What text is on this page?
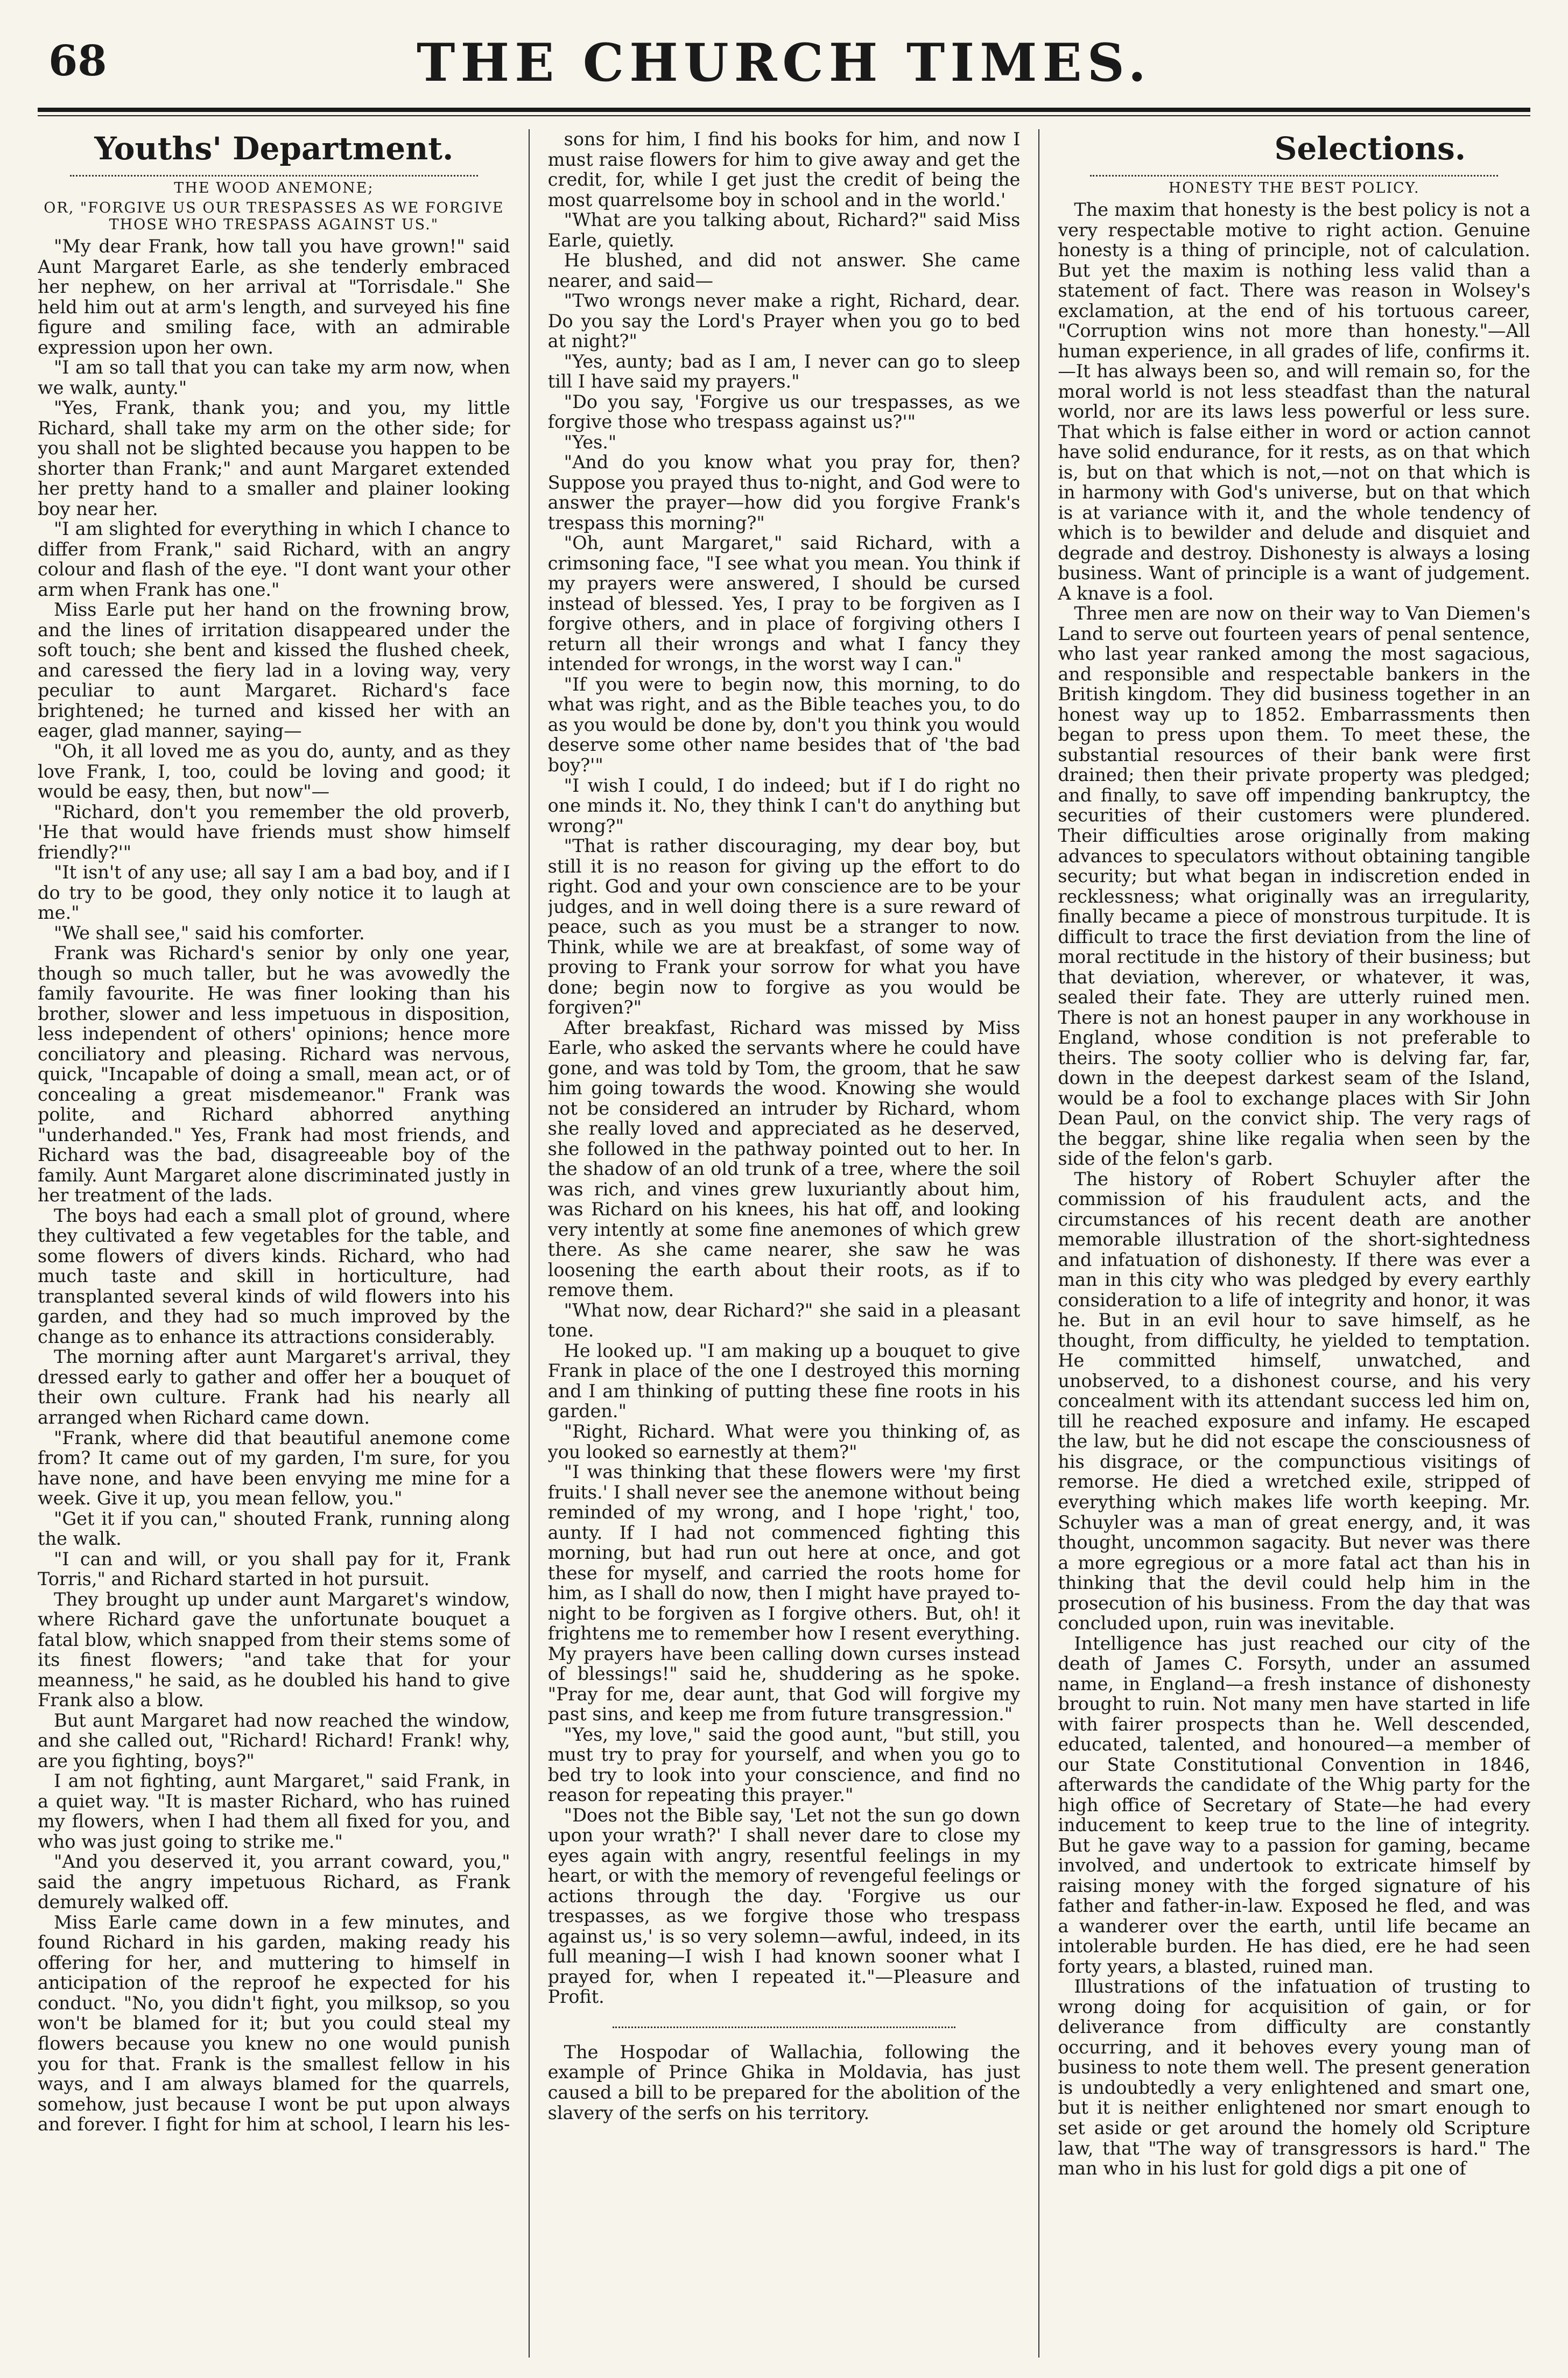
68	THE CHURCH TIMES.
Youths' Department.
THE WOOD ANEMONE;
OR, "FORGIVE US OUR TRESPASSES AS WE FORGIVE THOSE WHO TRESPASS AGAINST US."

"My dear Frank, how tall you have grown!" said Aunt Margaret Earle, as she tenderly embraced her nephew, on her arrival at "Torrisdale." She held him out at arm's length, and surveyed his fine figure and smiling face, with an admirable expression upon her own.

"I am so tall that you can take my arm now, when we walk, aunty."

"Yes, Frank, thank you; and you, my little Richard, shall take my arm on the other side; for you shall not be slighted because you happen to be shorter than Frank;" and aunt Margaret extended her pretty hand to a smaller and plainer looking boy near her.

"I am slighted for everything in which I chance to differ from Frank," said Richard, with an angry colour and flash of the eye. "I dont want your other arm when Frank has one."

Miss Earle put her hand on the frowning brow, and the lines of irritation disappeared under the soft touch; she bent and kissed the flushed cheek, and caressed the fiery lad in a loving way, very peculiar to aunt Margaret. Richard's face brightened; he turned and kissed her with an eager, glad manner, saying—

"Oh, it all loved me as you do, aunty, and as they love Frank, I, too, could be loving and good; it would be easy, then, but now"—

"Richard, don't you remember the old proverb, 'He that would have friends must show himself friendly?'"

"It isn't of any use; all say I am a bad boy, and if I do try to be good, they only notice it to laugh at me."

"We shall see," said his comforter.

Frank was Richard's senior by only one year, though so much taller, but he was avowedly the family favourite. He was finer looking than his brother, slower and less impetuous in disposition, less independent of others' opinions; hence more conciliatory and pleasing. Richard was nervous, quick, "Incapable of doing a small, mean act, or of concealing a great misdemeanor." Frank was polite, and Richard abhorred anything "underhanded." Yes, Frank had most friends, and Richard was the bad, disagreeable boy of the family. Aunt Margaret alone discriminated justly in her treatment of the lads.

The boys had each a small plot of ground, where they cultivated a few vegetables for the table, and some flowers of divers kinds. Richard, who had much taste and skill in horticulture, had transplanted several kinds of wild flowers into his garden, and they had so much improved by the change as to enhance its attractions considerably.

The morning after aunt Margaret's arrival, they dressed early to gather and offer her a bouquet of their own culture. Frank had his nearly all arranged when Richard came down.

"Frank, where did that beautiful anemone come from? It came out of my garden, I'm sure, for you have none, and have been envying me mine for a week. Give it up, you mean fellow, you."

"Get it if you can," shouted Frank, running along the walk.

"I can and will, or you shall pay for it, Frank Torris," and Richard started in hot pursuit.

They brought up under aunt Margaret's window, where Richard gave the unfortunate bouquet a fatal blow, which snapped from their stems some of its finest flowers; "and take that for your meanness," he said, as he doubled his hand to give Frank also a blow.

But aunt Margaret had now reached the window, and she called out, "Richard! Richard! Frank! why, are you fighting, boys?"

I am not fighting, aunt Margaret," said Frank, in a quiet way. "It is master Richard, who has ruined my flowers, when I had them all fixed for you, and who was just going to strike me."

"And you deserved it, you arrant coward, you," said the angry impetuous Richard, as Frank demurely walked off.

Miss Earle came down in a few minutes, and found Richard in his garden, making ready his offering for her, and muttering to himself in anticipation of the reproof he expected for his conduct. "No, you didn't fight, you milksop, so you won't be blamed for it; but you could steal my flowers because you knew no one would punish you for that. Frank is the smallest fellow in his ways, and I am always blamed for the quarrels, somehow, just because I wont be put upon always and forever. I fight for him at school, I learn his les-

sons for him, I find his books for him, and now I must raise flowers for him to give away and get the credit, for, while I get just the credit of being the most quarrelsome boy in school and in the world.'

"What are you talking about, Richard?" said Miss Earle, quietly.

He blushed, and did not answer. She came nearer, and said—

"Two wrongs never make a right, Richard, dear. Do you say the Lord's Prayer when you go to bed at night?"

"Yes, aunty; bad as I am, I never can go to sleep till I have said my prayers."

"Do you say, 'Forgive us our trespasses, as we forgive those who trespass against us?'"

"Yes."

"And do you know what you pray for, then? Suppose you prayed thus to-night, and God were to answer the prayer—how did you forgive Frank's trespass this morning?"

"Oh, aunt Margaret," said Richard, with a crimsoning face, "I see what you mean. You think if my prayers were answered, I should be cursed instead of blessed. Yes, I pray to be forgiven as I forgive others, and in place of forgiving others I return all their wrongs and what I fancy they intended for wrongs, in the worst way I can."

"If you were to begin now, this morning, to do what was right, and as the Bible teaches you, to do as you would be done by, don't you think you would deserve some other name besides that of 'the bad boy?'"

"I wish I could, I do indeed; but if I do right no one minds it. No, they think I can't do anything but wrong?"

"That is rather discouraging, my dear boy, but still it is no reason for giving up the effort to do right. God and your own conscience are to be your judges, and in well doing there is a sure reward of peace, such as you must be a stranger to now. Think, while we are at breakfast, of some way of proving to Frank your sorrow for what you have done; begin now to forgive as you would be forgiven?"

After breakfast, Richard was missed by Miss Earle, who asked the servants where he could have gone, and was told by Tom, the groom, that he saw him going towards the wood. Knowing she would not be considered an intruder by Richard, whom she really loved and appreciated as he deserved, she followed in the pathway pointed out to her. In the shadow of an old trunk of a tree, where the soil was rich, and vines grew luxuriantly about him, was Richard on his knees, his hat off, and looking very intently at some fine anemones of which grew there. As she came nearer, she saw he was loosening the earth about their roots, as if to remove them.

"What now, dear Richard?" she said in a pleasant tone.

He looked up. "I am making up a bouquet to give Frank in place of the one I destroyed this morning and I am thinking of putting these fine roots in his garden."

"Right, Richard. What were you thinking of, as you looked so earnestly at them?"

"I was thinking that these flowers were 'my first fruits.' I shall never see the anemone without being reminded of my wrong, and I hope 'right,' too, aunty. If I had not commenced fighting this morning, but had run out here at once, and got these for myself, and carried the roots home for him, as I shall do now, then I might have prayed to-night to be forgiven as I forgive others. But, oh! it frightens me to remember how I resent everything. My prayers have been calling down curses instead of blessings!" said he, shuddering as he spoke. "Pray for me, dear aunt, that God will forgive my past sins, and keep me from future transgression."

"Yes, my love," said the good aunt, "but still, you must try to pray for yourself, and when you go to bed try to look into your conscience, and find no reason for repeating this prayer."

"Does not the Bible say, 'Let not the sun go down upon your wrath?' I shall never dare to close my eyes again with angry, resentful feelings in my heart, or with the memory of revengeful feelings or actions through the day. 'Forgive us our trespasses, as we forgive those who trespass against us,' is so very solemn—awful, indeed, in its full meaning—I wish I had known sooner what I prayed for, when I repeated it."—Pleasure and Profit.

The Hospodar of Wallachia, following the example of Prince Ghika in Moldavia, has just caused a bill to be prepared for the abolition of the slavery of the serfs on his territory.

Selections.
HONESTY THE BEST POLICY.

The maxim that honesty is the best policy is not a very respectable motive to right action. Genuine honesty is a thing of principle, not of calculation. But yet the maxim is nothing less valid than a statement of fact. There was reason in Wolsey's exclamation, at the end of his tortuous career, "Corruption wins not more than honesty."—All human experience, in all grades of life, confirms it.—It has always been so, and will remain so, for the moral world is not less steadfast than the natural world, nor are its laws less powerful or less sure. That which is false either in word or action cannot have solid endurance, for it rests, as on that which is, but on that which is not,—not on that which is in harmony with God's universe, but on that which is at variance with it, and the whole tendency of which is to bewilder and delude and disquiet and degrade and destroy. Dishonesty is always a losing business. Want of principle is a want of judgement. A knave is a fool.

Three men are now on their way to Van Diemen's Land to serve out fourteen years of penal sentence, who last year ranked among the most sagacious, and responsible and respectable bankers in the British kingdom. They did business together in an honest way up to 1852. Embarrassments then began to press upon them. To meet these, the substantial resources of their bank were first drained; then their private property was pledged; and finally, to save off impending bankruptcy, the securities of their customers were plundered. Their difficulties arose originally from making advances to speculators without obtaining tangible security; but what began in indiscretion ended in recklessness; what originally was an irregularity, finally became a piece of monstrous turpitude. It is difficult to trace the first deviation from the line of moral rectitude in the history of their business; but that deviation, wherever, or whatever, it was, sealed their fate. They are utterly ruined men. There is not an honest pauper in any workhouse in England, whose condition is not preferable to theirs. The sooty collier who is delving far, far, down in the deepest darkest seam of the Island, would be a fool to exchange places with Sir John Dean Paul, on the convict ship. The very rags of the beggar, shine like regalia when seen by the side of the felon's garb.

The history of Robert Schuyler after the commission of his fraudulent acts, and the circumstances of his recent death are another memorable illustration of the short-sightedness and infatuation of dishonesty. If there was ever a man in this city who was pledged by every earthly consideration to a life of integrity and honor, it was he. But in an evil hour to save himself, as he thought, from difficulty, he yielded to temptation. He committed himself, unwatched, and unobserved, to a dishonest course, and his very concealment with its attendant success led him on, till he reached exposure and infamy. He escaped the law, but he did not escape the consciousness of his disgrace, or the compunctious visitings of remorse. He died a wretched exile, stripped of everything which makes life worth keeping. Mr. Schuyler was a man of great energy, and, it was thought, uncommon sagacity. But never was there a more egregious or a more fatal act than his in thinking that the devil could help him in the prosecution of his business. From the day that was concluded upon, ruin was inevitable.

Intelligence has just reached our city of the death of James C. Forsyth, under an assumed name, in England—a fresh instance of dishonesty brought to ruin. Not many men have started in life with fairer prospects than he. Well descended, educated, talented, and honoured—a member of our State Constitutional Convention in 1846, afterwards the candidate of the Whig party for the high office of Secretary of State—he had every inducement to keep true to the line of integrity. But he gave way to a passion for gaming, became involved, and undertook to extricate himself by raising money with the forged signature of his father and father-in-law. Exposed he fled, and was a wanderer over the earth, until life became an intolerable burden. He has died, ere he had seen forty years, a blasted, ruined man.

Illustrations of the infatuation of trusting to wrong doing for acquisition of gain, or for deliverance from difficulty are constantly occurring, and it behoves every young man of business to note them well. The present generation is undoubtedly a very enlightened and smart one, but it is neither enlightened nor smart enough to set aside or get around the homely old Scripture law, that "The way of transgressors is hard." The man who in his lust for gold digs a pit one of
